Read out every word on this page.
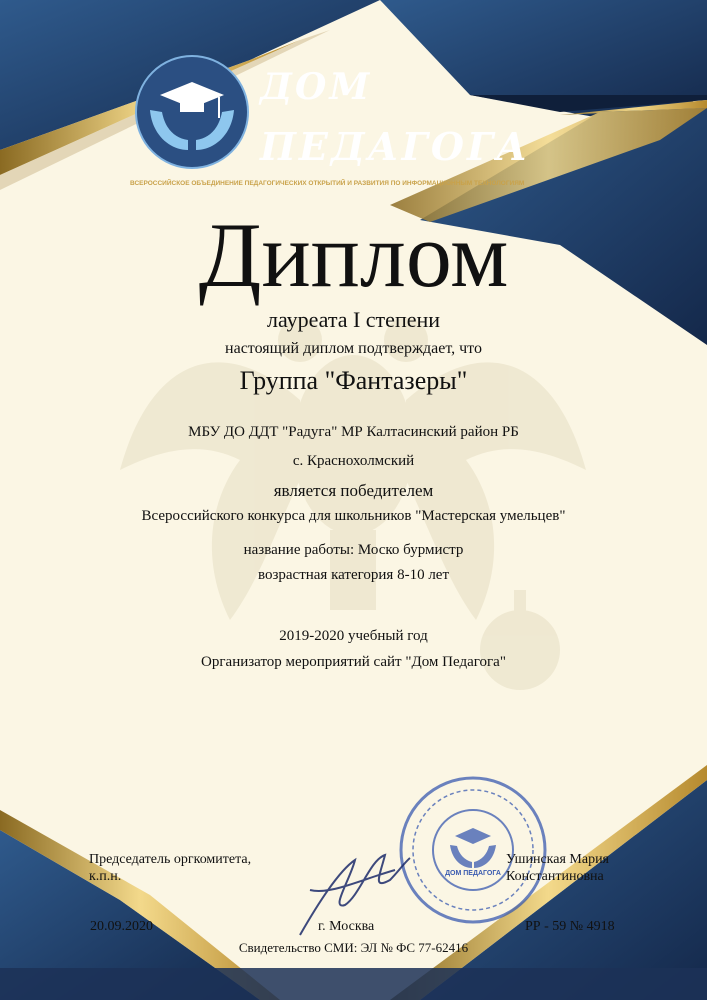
ДОМ
ПЕДАГОГА
ВСЕРОССИЙСКОЕ ОБЪЕДИНЕНИЕ ПЕДАГОГИЧЕСКИХ ОТКРЫТИЙ И РАЗВИТИЯ ПО ИНФОРМАЦИОННЫМ ТЕХНОЛОГИЯМ
Диплом
лауреата I степени
настоящий диплом подтверждает, что
Группа "Фантазеры"
МБУ ДО ДДТ "Радуга" МР Калтасинский район РБ
с. Краснохолмский
является победителем
Всероссийского конкурса для школьников "Мастерская умельцев"
название работы: Моско бурмистр
возрастная категория 8-10 лет
2019-2020 учебный год
Организатор мероприятий сайт "Дом Педагога"
ДОМ ПЕДАГОГА
Председатель оргкомитета,
к.п.н.
Ушинская Мария
Константиновна
20.09.2020	г. Москва	РР - 59 № 4918
Свидетельство СМИ: ЭЛ № ФС 77-62416
